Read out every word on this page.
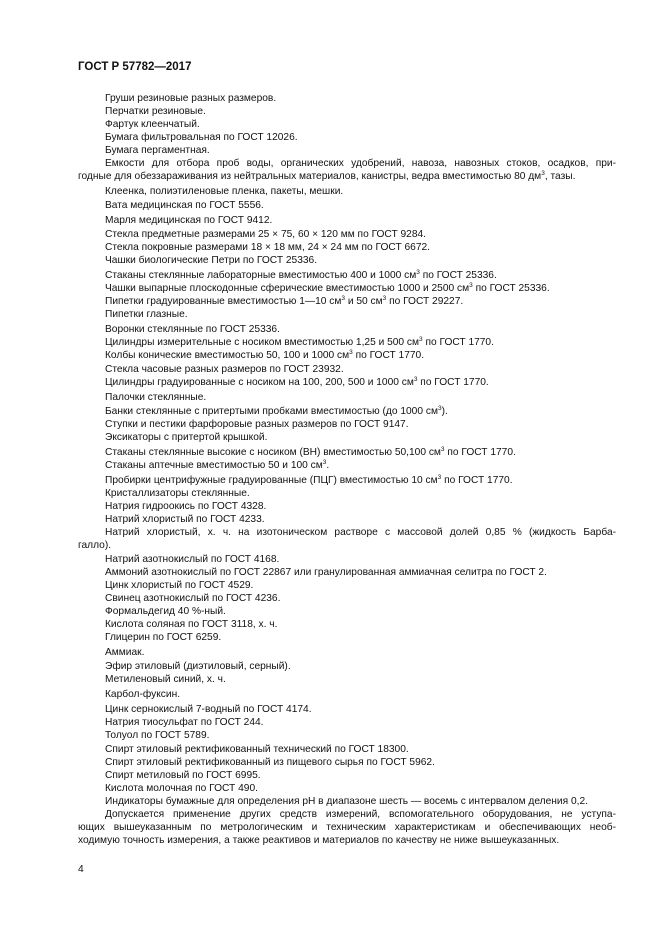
ГОСТ Р 57782—2017
Груши резиновые разных размеров.
Перчатки резиновые.
Фартук клеенчатый.
Бумага фильтровальная по ГОСТ 12026.
Бумага пергаментная.
Емкости для отбора проб воды, органических удобрений, навоза, навозных стоков, осадков, при-
годные для обеззараживания из нейтральных материалов, канистры, ведра вместимостью 80 $дм^3$, тазы.
Клеенка, полиэтиленовые пленка, пакеты, мешки.
Вата медицинская по ГОСТ 5556.
Марля медицинская по ГОСТ 9412.
Стекла предметные размерами 25 × 75, 60 × 120 мм по ГОСТ 9284.
Стекла покровные размерами 18 × 18 мм, 24 × 24 мм по ГОСТ 6672.
Чашки биологические Петри по ГОСТ 25336.
Стаканы стеклянные лабораторные вместимостью 400 и 1000 $см^3$ по ГОСТ 25336.
Чашки выпарные плоскодонные сферические вместимостью 1000 и 2500 $см^3$ по ГОСТ 25336.
Пипетки градуированные вместимостью 1—10 $см^3$ и 50 $см^3$ по ГОСТ 29227.
Пипетки глазные.
Воронки стеклянные по ГОСТ 25336.
Цилиндры измерительные с носиком вместимостью 1,25 и 500 $см^3$ по ГОСТ 1770.
Колбы конические вместимостью 50, 100 и 1000 $см^3$ по ГОСТ 1770.
Стекла часовые разных размеров по ГОСТ 23932.
Цилиндры градуированные с носиком на 100, 200, 500 и 1000 $см^3$ по ГОСТ 1770.
Палочки стеклянные.
Банки стеклянные с притертыми пробками вместимостью (до 1000 $см^3$).
Ступки и пестики фарфоровые разных размеров по ГОСТ 9147.
Эксикаторы с притертой крышкой.
Стаканы стеклянные высокие с носиком (ВН) вместимостью 50,100 $см^3$ по ГОСТ 1770.
Стаканы аптечные вместимостью 50 и 100 $см^3$.
Пробирки центрифужные градуированные (ПЦГ) вместимостью 10 $см^3$ по ГОСТ 1770.
Кристаллизаторы стеклянные.
Натрия гидроокись по ГОСТ 4328.
Натрий хлористый по ГОСТ 4233.
Натрий хлористый, х. ч. на изотоническом растворе с массовой долей 0,85 % (жидкость Барба-
галло).
Натрий азотнокислый по ГОСТ 4168.
Аммоний азотнокислый по ГОСТ 22867 или гранулированная аммиачная селитра по ГОСТ 2.
Цинк хлористый по ГОСТ 4529.
Свинец азотнокислый по ГОСТ 4236.
Формальдегид 40 %-ный.
Кислота соляная по ГОСТ 3118, х. ч.
Глицерин по ГОСТ 6259.
Аммиак.
Эфир этиловый (диэтиловый, серный).
Метиленовый синий, х. ч.
Карбол-фуксин.
Цинк сернокислый 7-водный по ГОСТ 4174.
Натрия тиосульфат по ГОСТ 244.
Толуол по ГОСТ 5789.
Спирт этиловый ректификованный технический по ГОСТ 18300.
Спирт этиловый ректификованный из пищевого сырья по ГОСТ 5962.
Спирт метиловый по ГОСТ 6995.
Кислота молочная по ГОСТ 490.
Индикаторы бумажные для определения рН в диапазоне шесть — восемь с интервалом деления 0,2.
Допускается применение других средств измерений, вспомогательного оборудования, не уступа-
ющих вышеуказанным по метрологическим и техническим характеристикам и обеспечивающих необ-
ходимую точность измерения, а также реактивов и материалов по качеству не ниже вышеуказанных.
4
